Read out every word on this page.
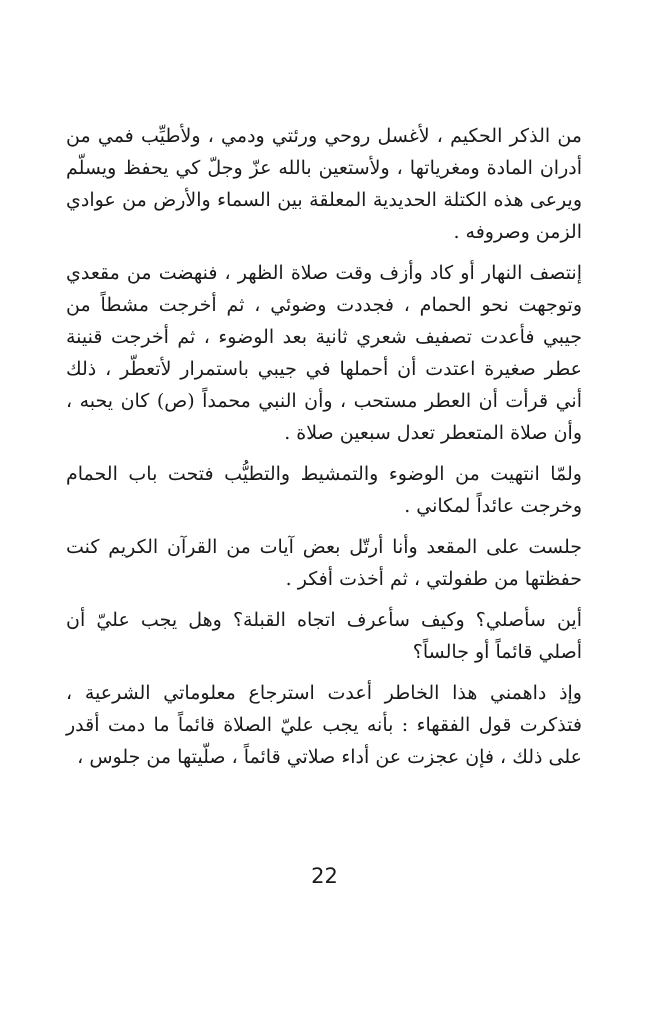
من الذكر الحكيم ، لأغسل روحي ورئتي ودمي ، ولأطيِّب فمي من أدران المادة ومغرياتها ، ولأستعين بالله عزّ وجلّ كي يحفظ ويسلّم ويرعى هذه الكتلة الحديدية المعلقة بين السماء والأرض من عوادي الزمن وصروفه .

إنتصف النهار أو كاد وأزف وقت صلاة الظهر ، فنهضت من مقعدي وتوجهت نحو الحمام ، فجددت وضوئي ، ثم أخرجت مشطاً من جيبي فأعدت تصفيف شعري ثانية بعد الوضوء ، ثم أخرجت قنينة عطر صغيرة اعتدت أن أحملها في جيبي باستمرار لأتعطّر ، ذلك أني قرأت أن العطر مستحب ، وأن النبي محمداً (ص) كان يحبه ، وأن صلاة المتعطر تعدل سبعين صلاة .

ولمّا انتهيت من الوضوء والتمشيط والتطيُّب فتحت باب الحمام وخرجت عائداً لمكاني .

جلست على المقعد وأنا أرتّل بعض آيات من القرآن الكريم كنت حفظتها من طفولتي ، ثم أخذت أفكر .

أين سأصلي؟ وكيف سأعرف اتجاه القبلة؟ وهل يجب عليّ أن أصلي قائماً أو جالساً؟

وإذ داهمني هذا الخاطر أعدت استرجاع معلوماتي الشرعية ، فتذكرت قول الفقهاء : بأنه يجب عليّ الصلاة قائماً ما دمت أقدر على ذلك ، فإن عجزت عن أداء صلاتي قائماً ، صلّيتها من جلوس ،

22
